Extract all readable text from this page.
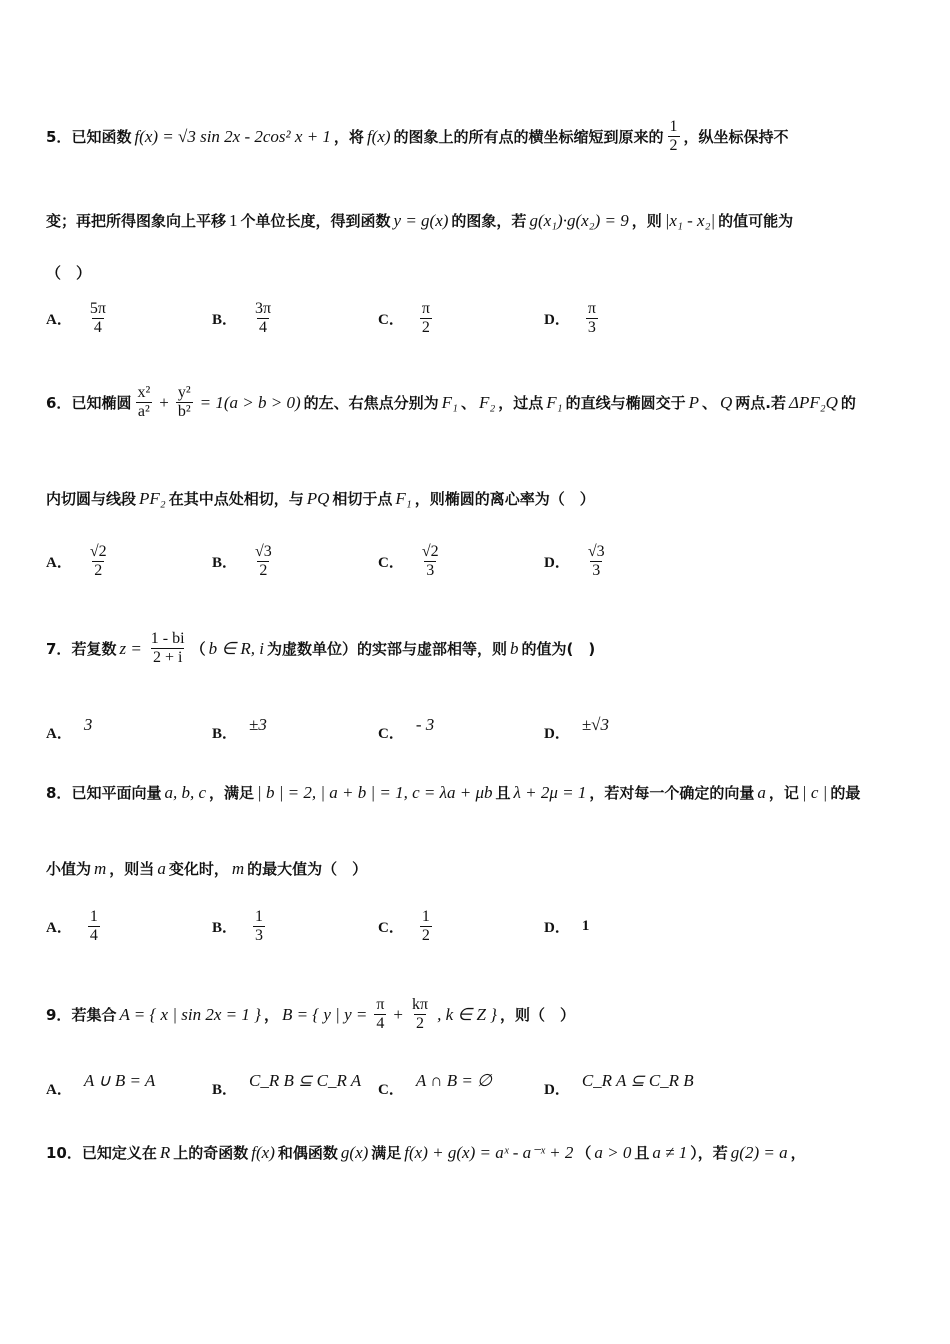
5． 已知函数 f(x) = √3 sin 2x - 2cos² x + 1 ，将 f(x) 的图象上的所有点的横坐标缩短到原来的 $\frac{1}{2}$ ，纵坐标保持不
变；再把所得图象向上平移 1 个单位长度，得到函数 y = g(x) 的图象，若 g(x₁)·g(x₂) = 9 ，则 |x₁ - x₂| 的值可能为
（　）
A． $\frac{5\pi}{4}$	B． $\frac{3\pi}{4}$	C． $\frac{\pi}{2}$	D． $\frac{\pi}{3}$
6． 已知椭圆 $\frac{\text{x²}}{\text{a²}} + \frac{\text{y²}}{\text{b²}} = 1(a > b > 0)$ 的左、右焦点分别为 F₁ 、 F₂ ，过点 F₁ 的直线与椭圆交于 P 、 Q 两点.若 ΔPF₂Q 的
内切圆与线段 PF₂ 在其中点处相切，与 PQ 相切于点 F₁ ，则椭圆的离心率为（　）
A． $\frac{√2}{2}$	B． $\frac{√3}{2}$	C． $\frac{√2}{3}$	D． $\frac{√3}{3}$
7． 若复数 $z = \frac{1 - bi}{2 + i}$ （ b ∈ R, i 为虚数单位）的实部与虚部相等，则 b 的值为(　)
A．
3
B．
±3
C．
- 3
D．
±√3
8． 已知平面向量 a, b, c ，满足 | b | = 2, | a + b | = 1, c = λa + μb 且 λ + 2μ = 1 ，若对每一个确定的向量 a ，记 | c | 的最
小值为 m ，则当 a 变化时， m 的最大值为（　）
A． $\frac{1}{4}$	B． $\frac{1}{3}$	C． $\frac{1}{2}$	D． 1
9． 若集合 A = { x | sin 2x = 1 } ， B = { y | $y = \frac{\pi}{4} + \frac{k\pi}{2}$ , k ∈ Z } ，则（　）
A．
A ∪ B = A
B．
C_R B ⊆ C_R A
C．
A ∩ B = ∅
D．
C_R A ⊆ C_R B
10． 已知定义在 R 上的奇函数 f(x) 和偶函数 g(x) 满足 f(x) + g(x) = aˣ - a⁻ˣ + 2 （ a > 0 且 a ≠ 1 ），若 g(2) = a ，
